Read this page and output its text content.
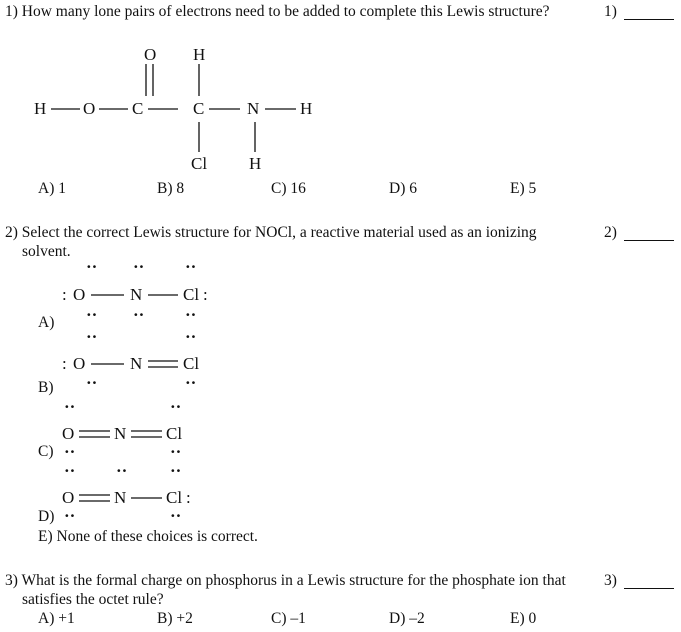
1) How many lone pairs of electrons need to be added to complete this Lewis structure?	1)
A) 1	B) 8	C) 16	D) 6	E) 5
2) Select the correct Lewis structure for NOCl, a reactive material used as an ionizing
solvent.
2)
A)
B)
C)
D)
E) None of these choices is correct.
3) What is the formal charge on phosphorus in a Lewis structure for the phosphate ion that
satisfies the octet rule?
3)
A) +1	B) +2	C) –1	D) –2	E) 0
H O C	C	N H
O H
Cl H
·· ·· ··
: O	N Cl :
·· ·· ··
··	··
: O	N Cl
··	··
··	··
O N Cl
··	··
·· ··	··
O N Cl :
··	··
